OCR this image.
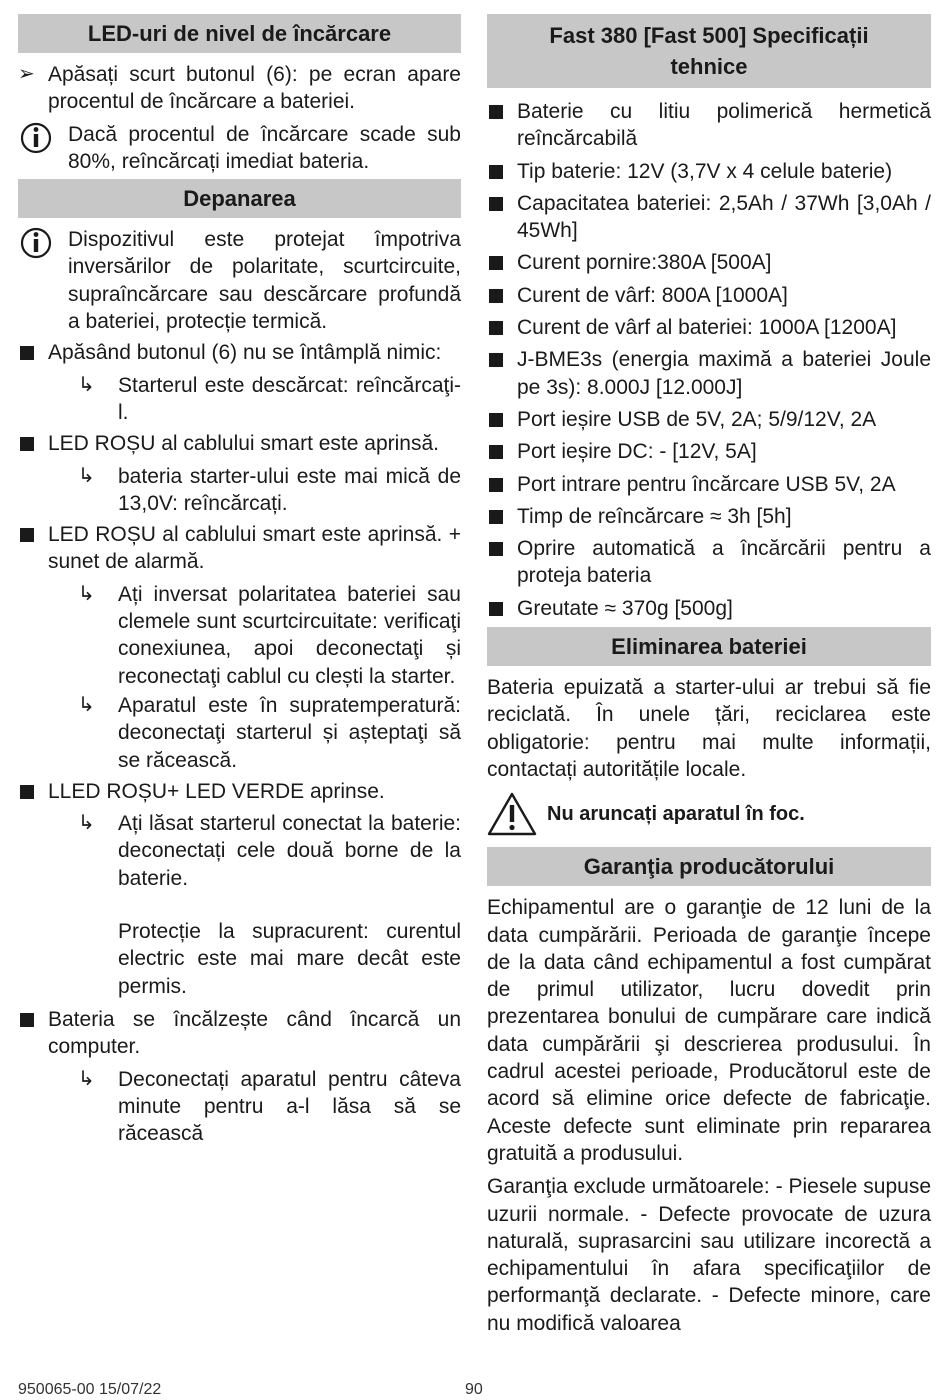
LED-uri de nivel de încărcare
➢ Apăsați scurt butonul (6): pe ecran apare procentul de încărcare a bateriei.
Dacă procentul de încărcare scade sub 80%, reîncărcați imediat bateria.
Depanarea
Dispozitivul este protejat împotriva inversărilor de polaritate, scurtcircuite, supraîncărcare sau descărcare profundă a bateriei, protecție termică.
Apăsând butonul (6) nu se întâmplă nimic:
↳	Starterul este descărcat: reîncărcaţi-l.
LED ROȘU al cablului smart este aprinsă.
↳	bateria starter-ului este mai mică de 13,0V: reîncărcați.
LED ROȘU al cablului smart este aprinsă. + sunet de alarmă.
↳	Ați inversat polaritatea bateriei sau clemele sunt scurtcircuitate: verificaţi conexiunea, apoi deconectaţi și reconectaţi cablul cu clești la starter.
↳	Aparatul este în supratemperatură: deconectaţi starterul și așteptaţi să se răcească.
LLED ROȘU+ LED VERDE aprinse.
↳	Ați lăsat starterul conectat la baterie: deconectați cele două borne de la baterie.
Protecție la supracurent: curentul electric este mai mare decât este permis.
Bateria se încălzește când încarcă un computer.
↳	Deconectați aparatul pentru câteva minute pentru a-l lăsa să se răcească
Fast 380 [Fast 500] Specificații tehnice
Baterie cu litiu polimerică hermetică reîncărcabilă
Tip baterie: 12V (3,7V x 4 celule baterie)
Capacitatea bateriei: 2,5Ah / 37Wh [3,0Ah / 45Wh]
Curent pornire:380A [500A]
Curent de vârf: 800A [1000A]
Curent de vârf al bateriei: 1000A [1200A]
J-BME3s (energia maximă a bateriei Joule pe 3s): 8.000J [12.000J]
Port ieșire USB de 5V, 2A; 5/9/12V, 2A
Port ieșire DC: - [12V, 5A]
Port intrare pentru încărcare USB 5V, 2A
Timp de reîncărcare ≈ 3h [5h]
Oprire automatică a încărcării pentru a proteja bateria
Greutate ≈ 370g [500g]
Eliminarea bateriei
Bateria epuizată a starter-ului ar trebui să fie reciclată. În unele țări, reciclarea este obligatorie: pentru mai multe informații, contactați autoritățile locale.
Nu aruncați aparatul în foc.
Garanţia producătorului
Echipamentul are o garanţie de 12 luni de la data cumpărării. Perioada de garanţie începe de la data când echipamentul a fost cumpărat de primul utilizator, lucru dovedit prin prezentarea bonului de cumpărare care indică data cumpărării şi descrierea produsului. În cadrul acestei perioade, Producătorul este de acord să elimine orice defecte de fabricaţie. Aceste defecte sunt eliminate prin repararea gratuită a produsului.
Garanţia exclude următoarele: - Piesele supuse uzurii normale. - Defecte provocate de uzura naturală, suprasarcini sau utilizare incorectă a echipamentului în afara specificaţiilor de performanţă declarate. - Defecte minore, care nu modifică valoarea
950065-00 15/07/22	90
